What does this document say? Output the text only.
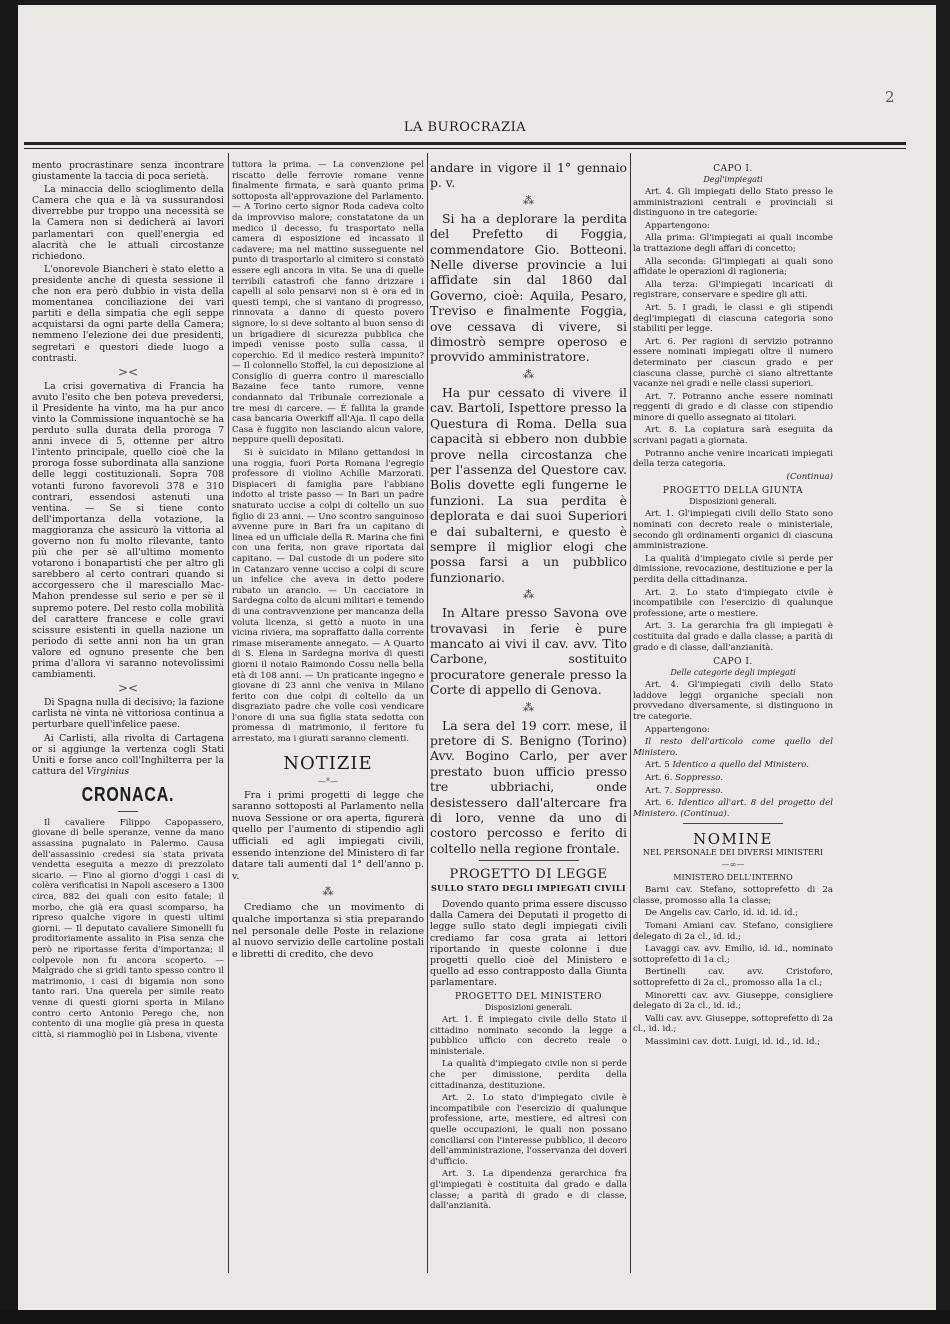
2
LA BUROCRAZIA

mento procrastinare senza incontrare giustamente la taccia di poca serietà.

La minaccia dello scioglimento della Camera che qua e là va sussurandosi diverrebbe pur troppo una necessità se la Camera non si dedicherà ai lavori parlamentari con quell'energia ed alacrità che le attuali circostanze richiedono.

L'onorevole Biancheri è stato eletto a presidente anche di questa sessione il che non era però dubbio in vista della momentanea conciliazione dei vari partiti e della simpatia che egli seppe acquistarsi da ogni parte della Camera; nemmeno l'elezione dei due presidenti, segretari e questori diede luogo a contrasti.

><

La crisi governativa di Francia ha avuto l'esito che ben poteva prevedersi, il Presidente ha vinto, ma ha pur anco vinto la Commissione inquantochè se ha perduto sulla durata della proroga 7 anni invece di 5, ottenne per altro l'intento principale, quello cioè che la proroga fosse subordinata alla sanzione delle leggi costituzionali. Sopra 708 votanti furono favorevoli 378 e 310 contrari, essendosi astenuti una ventina. — Se si tiene conto dell'importanza della votazione, la maggioranza che assicurò la vittoria al governo non fu molto rilevante, tanto più che per sè all'ultimo momento votarono i bonapartisti che per altro gli sarebbero al certo contrari quando si accorgessero che il maresciallo Mac-Mahon prendesse sul serio e per sè il supremo potere. Del resto colla mobilità del carattere francese e colle gravi scissure esistenti in quella nazione un periodo di sette anni non ha un gran valore ed ognuno presente che ben prima d'allora vi saranno notevolissimi cambiamenti.

><

Di Spagna nulla di decisivo; la fazione carlista nè vinta nè vittoriosa continua a perturbare quell'infelice paese.

Ai Carlisti, alla rivolta di Cartagena or si aggiunge la vertenza cogli Stati Uniti e forse anco coll'Inghilterra per la cattura del Virginius

CRONACA.

Il cavaliere Filippo Capopassero, giovane di belle speranze, venne da mano assassina pugnalato in Palermo. Causa dell'assassinio credesi sia stata privata vendetta eseguita a mezzo di prezzolato sicario. — Fino al giorno d'oggi i casi di colèra verificatisi in Napoli ascesero a 1300 circa, 882 dei quali con esito fatale; il morbo, che già era quasi scomparso, ha ripreso qualche vigore in questi ultimi giorni. — Il deputato cavaliere Simonelli fu proditoriamente assalito in Pisa senza che però ne riportasse ferita d'importanza; il colpevole non fu ancora scoperto. — Malgrado che si gridi tanto spesso contro il matrimonio, i casi di bigamia non sono tanto rari. Una querela per simile reato venne di questi giorni sporta in Milano contro certo Antonio Perego che, non contento di una moglie già presa in questa città, si riammogliò poi in Lisbona, vivente

tuttora la prima. — La convenzione pel riscatto delle ferrovie romane venne finalmente firmata, e sarà quanto prima sottoposta all'approvazione del Parlamento. — A Torino certo signor Roda cadeva colto da improvviso malore; constatatone da un medico il decesso, fu trasportato nella camera di esposizione ed incassato il cadavere; ma nel mattino susseguente nel punto di trasportarlo al cimitero si constatò essere egli ancora in vita. Se una di quelle terribili catastrofi che fanno drizzare i capelli al solo pensarvi non si è ora ed in questi tempi, che si vantano di progresso, rinnovata a danno di questo povero signore, lo si deve soltanto al buon senso di un brigadiere di sicurezza pubblica che impedì venisse posto sulla cassa, il coperchio. Ed il medico resterà impunito? — Il colonnello Stoffel, la cui deposizione al Consiglio di guerra contro il maresciallo Bazaine fece tanto rumore, venne condannato dal Tribunale correzionale a tre mesi di carcere. — È fallita la grande casa bancaria Owerkiff all'Aja. Il capo della Casa è fuggito non lasciando alcun valore, neppure quelli depositati.

Si è suicidato in Milano gettandosi in una roggia, fuori Porta Romana l'egregio professore di violino Achille Marzorati. Dispiaceri di famiglia pare l'abbiano indotto al triste passo — In Bari un padre snaturato uccise a colpi di coltello un suo figlio di 23 anni. — Uno scontro sanguinoso avvenne pure in Bari fra un capitano di linea ed un ufficiale della R. Marina che finì con una ferita, non grave riportata dal capitano. — Dal custode di un podere sito in Catanzaro venne ucciso a colpi di scure un infelice che aveva in detto podere rubato un arancio. — Un cacciatore in Sardegna colto da alcuni militari e temendo di una contravvenzione per mancanza della voluta licenza, si gettò a nuoto in una vicina riviera, ma sopraffatto dalla corrente rimase miseramente annegato. — A Quarto di S. Elena in Sardegna moriva di questi giorni il notaio Raimondo Cossu nella bella età di 108 anni. — Un praticante ingegno e giovane di 23 anni che veniva in Milano ferito con due colpi di coltello da un disgraziato padre che volle così vendicare l'onore di una sua figlia stata sedotta con promessa di matrimonio, il feritore fu arrestato, ma i giurati saranno clementi.

NOTIZIE
—*—

Fra i primi progetti di legge che saranno sottoposti al Parlamento nella nuova Sessione or ora aperta, figurerà quello per l'aumento di stipendio agli ufficiali ed agli impiegati civili, essendo intenzione del Ministero di far datare tali aumenti dal 1° dell'anno p. v.

⁂

Crediamo che un movimento di qualche importanza si stia preparando nel personale delle Poste in relazione al nuovo servizio delle cartoline postali e libretti di credito, che devo

andare in vigore il 1° gennaio p. v.

⁂

Si ha a deplorare la perdita del Prefetto di Foggia, commendatore Gio. Botteoni. Nelle diverse provincie a lui affidate sin dal 1860 dal Governo, cioè: Aquila, Pesaro, Treviso e finalmente Foggia, ove cessava di vivere, si dimostrò sempre operoso e provvido amministratore.

⁂

Ha pur cessato di vivere il cav. Bartoli, Ispettore presso la Questura di Roma. Della sua capacità si ebbero non dubbie prove nella circostanza che per l'assenza del Questore cav. Bolis dovette egli fungerne le funzioni. La sua perdita è deplorata e dai suoi Superiori e dai subalterni, e questo è sempre il miglior elogi che possa farsi a un pubblico funzionario.

⁂

In Altare presso Savona ove trovavasi in ferie è pure mancato ai vivi il cav. avv. Tito Carbone, sostituito procuratore generale presso la Corte di appello di Genova.

⁂

La sera del 19 corr. mese, il pretore di S. Benigno (Torino) Avv. Bogino Carlo, per aver prestato buon ufficio presso tre ubbriachi, onde desistessero dall'altercare fra di loro, venne da uno di costoro percosso e ferito di coltello nella regione frontale.

PROGETTO DI LEGGE
SULLO STATO DEGLI IMPIEGATI CIVILI

Dovendo quanto prima essere discusso dalla Camera dei Deputati il progetto di legge sullo stato degli impiegati civili crediamo far cosa grata ai lettori riportando in queste colonne i due progetti quello cioè del Ministero e quello ad esso contrapposto dalla Giunta parlamentare.

PROGETTO DEL MINISTERO
Disposizioni generali.

Art. 1. È impiegato civile dello Stato il cittadino nominato secondo la legge a pubblico ufficio con decreto reale o ministeriale.

La qualità d'impiegato civile non si perde che per dimissione, perdita della cittadinanza, destituzione.

Art. 2. Lo stato d'impiegato civile è incompatibile con l'esercizio di qualunque professione, arte, mestiere, ed altresì con quelle occupazioni, le quali non possano conciliarsi con l'interesse pubblico, il decoro dell'amministrazione, l'osservanza dei doveri d'ufficio.

Art. 3. La dipendenza gerarchica fra gl'impiegati è costituita dal grado e dalla classe; a parità di grado e di classe, dall'anzianità.

CAPO I.
Degl'impiegati

Art. 4. Gli impiegati dello Stato presso le amministrazioni centrali e provinciali si distinguono in tre categorie:

Appartengono:

Alla prima: Gl'impiegati ai quali incombe la trattazione degli affari di concetto;

Alla seconda: Gl'impiegati ai quali sono affidate le operazioni di ragioneria;

Alla terza: Gl'impiegati incaricati di registrare, conservare e spedire gli atti.

Art. 5. I gradi, le classi e gli stipendi degl'impiegati di ciascuna categoria sono stabiliti per legge.

Art. 6. Per ragioni di servizio potranno essere nominati impiegati oltre il numero determinato per ciascun grado e per ciascuna classe, purchè ci siano altrettante vacanze nei gradi e nelle classi superiori.

Art. 7. Potranno anche essere nominati reggenti di grado e di classe con stipendio minore di quello assegnato ai titolari.

Art. 8. La copiatura sarà eseguita da scrivani pagati a giornata.

Potranno anche venire incaricati impiegati della terza categoria.

(Continua)

PROGETTO DELLA GIUNTA
Disposizioni generali.

Art. 1. Gl'impiegati civili dello Stato sono nominati con decreto reale o ministeriale, secondo gli ordinamenti organici di ciascuna amministrazione.

La qualità d'impiegato civile si perde per dimissione, revocazione, destituzione e per la perdita della cittadinanza.

Art. 2. Lo stato d'impiegato civile è incompatibile con l'esercizio di qualunque professione, arte o mestiere.

Art. 3. La gerarchia fra gli impiegati è costituita dal grado e dalla classe; a parità di grado e di classe, dall'anzianità.

CAPO I.
Delle categorie degli impiegati

Art. 4. Gl'impiegati civili dello Stato laddove leggi organiche speciali non provvedano diversamente, si distinguono in tre categorie.

Appartengono:

Il resto dell'articolo come quello del Ministero.

Art. 5 Identico a quello del Ministero.

Art. 6. Soppresso.

Art. 7. Soppresso.

Art. 6. Identico all'art. 8 del progetto del Ministero. (Continua).

NOMINE
NEL PERSONALE DEI DIVERSI MINISTERI
—∞—
MINISTERO DELL'INTERNO

Barni cav. Stefano, sottoprefetto di 2a classe, promosso alla 1a classe;

De Angelis cav. Carlo, id. id. id. id.;

Tomani Amiani cav. Stefano, consigliere delegato di 2a cl., id. id.;

Lavaggi cav. avv. Emilio, id. id., nominato sottoprefetto di 1a cl.;

Bertinelli cav. avv. Cristoforo, sottoprefetto di 2a cl., promosso alla 1a cl.;

Minoretti cav. avv. Giuseppe, consigliere delegato di 2a cl., id. id.;

Valli cav. avv. Giuseppe, sottoprefetto di 2a cl., id. id.;

Massimini cav. dott. Luigi, id. id., id. id.;
